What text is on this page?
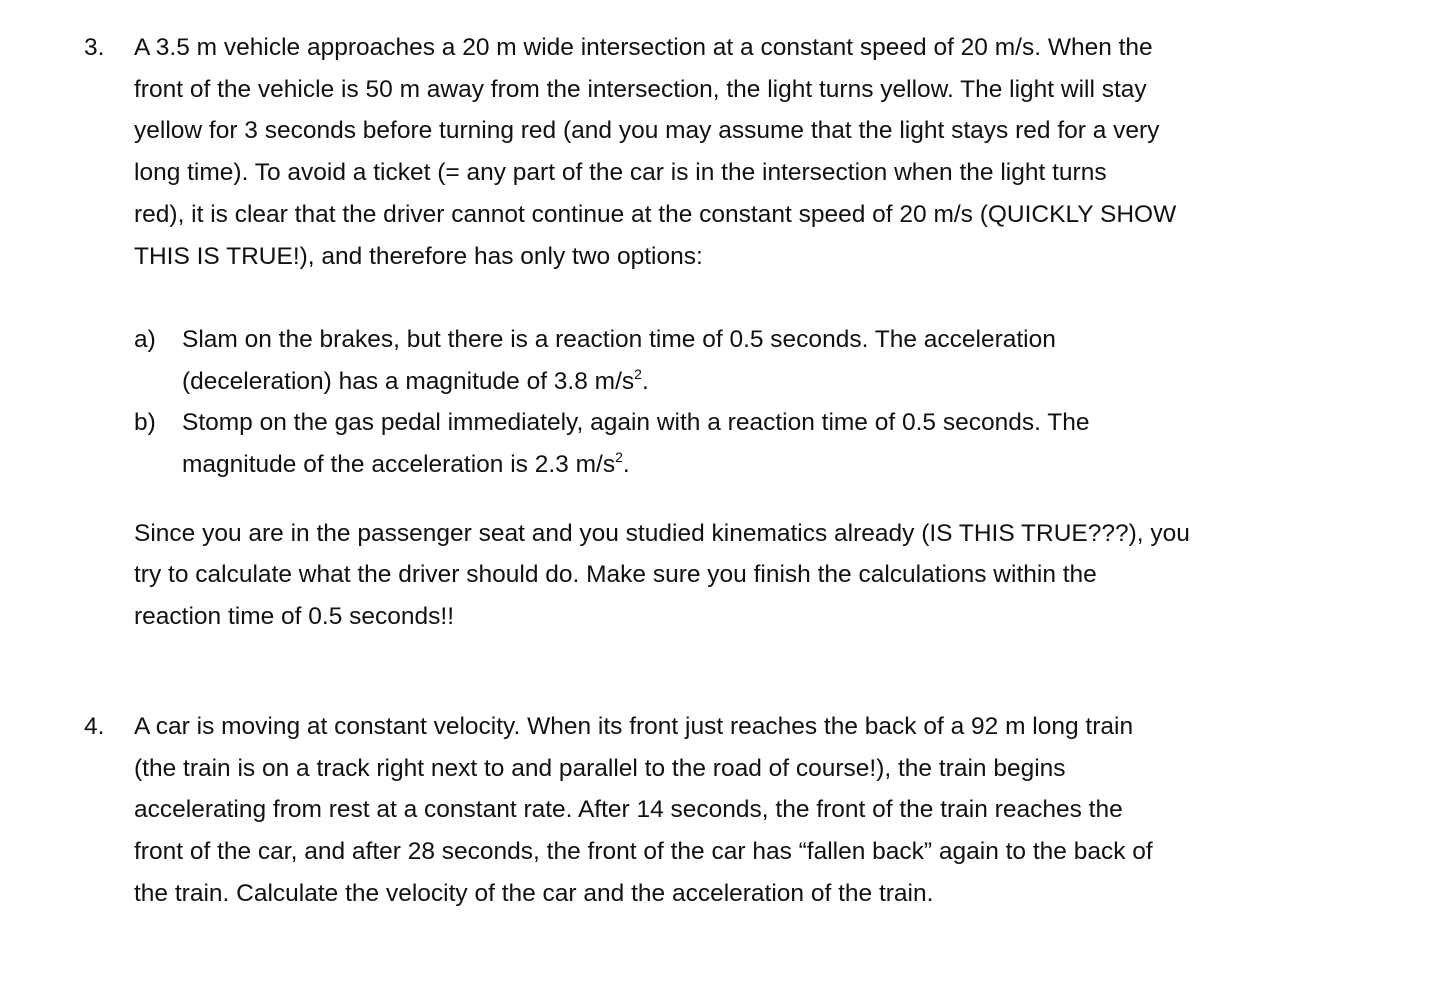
3.	A 3.5 m vehicle approaches a 20 m wide intersection at a constant speed of 20 m/s. When the
front of the vehicle is 50 m away from the intersection, the light turns yellow. The light will stay
yellow for 3 seconds before turning red (and you may assume that the light stays red for a very
long time). To avoid a ticket (= any part of the car is in the intersection when the light turns
red), it is clear that the driver cannot continue at the constant speed of 20 m/s (QUICKLY SHOW
THIS IS TRUE!), and therefore has only two options:
a) Slam on the brakes, but there is a reaction time of 0.5 seconds. The acceleration
(deceleration) has a magnitude of 3.8 $m/s^2$.
b) Stomp on the gas pedal immediately, again with a reaction time of 0.5 seconds. The
magnitude of the acceleration is 2.3 $m/s^2$.
Since you are in the passenger seat and you studied kinematics already (IS THIS TRUE???), you
try to calculate what the driver should do. Make sure you finish the calculations within the
reaction time of 0.5 seconds!!
4.	A car is moving at constant velocity. When its front just reaches the back of a 92 m long train
(the train is on a track right next to and parallel to the road of course!), the train begins
accelerating from rest at a constant rate. After 14 seconds, the front of the train reaches the
front of the car, and after 28 seconds, the front of the car has “fallen back” again to the back of
the train. Calculate the velocity of the car and the acceleration of the train.
